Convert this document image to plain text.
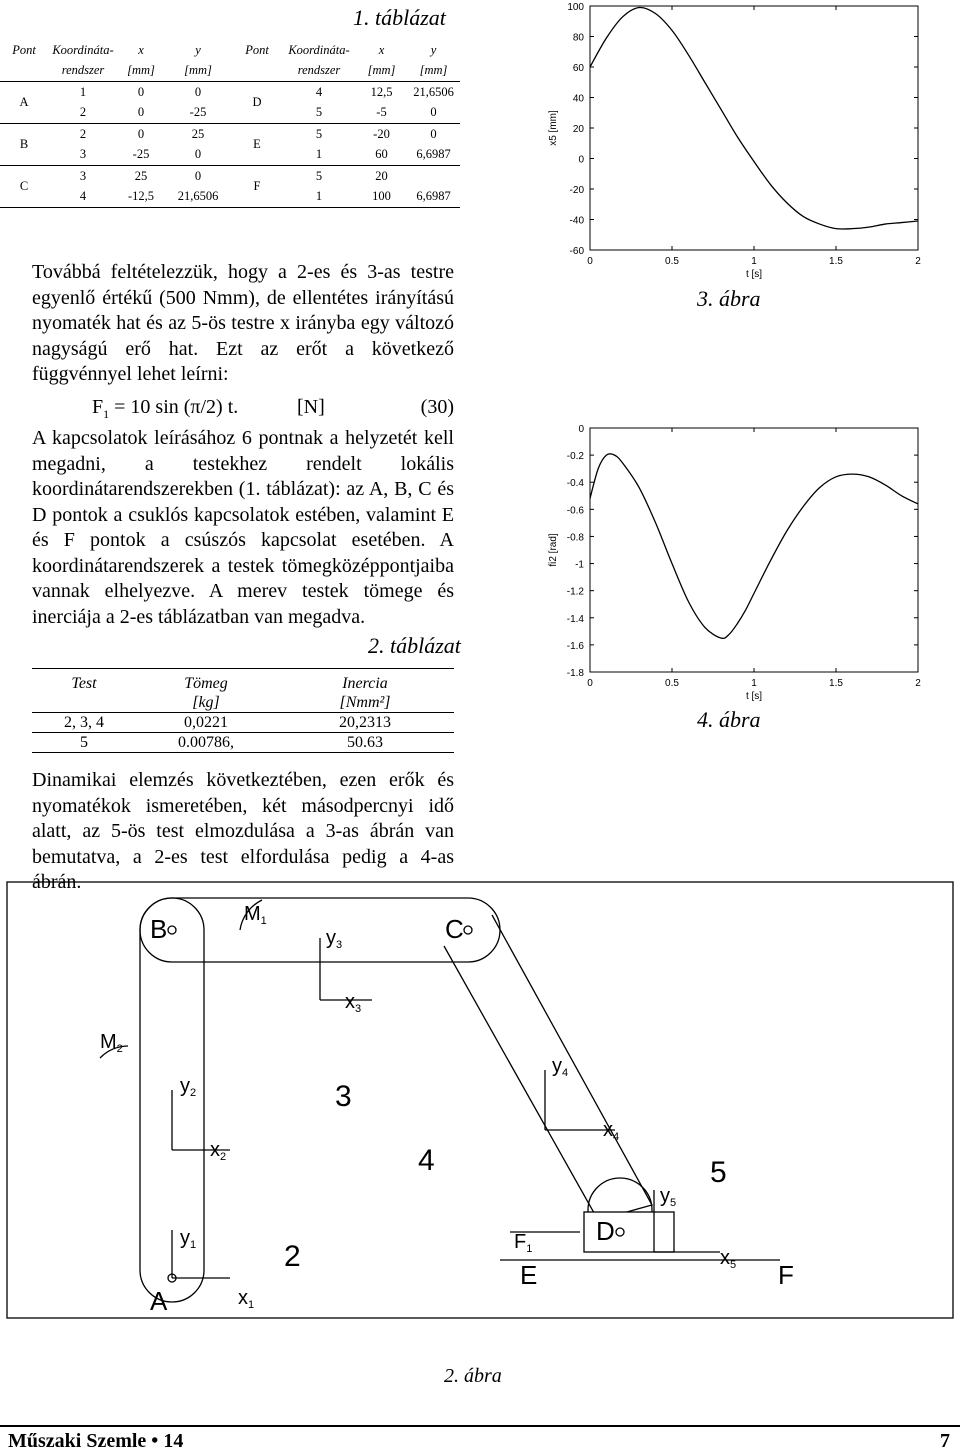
1. táblázat
Pont	Koordináta-	x	y	Pont	Koordináta-	x	y
	rendszer	[mm]	[mm]		rendszer	[mm]	[mm]
A	1	0	0	D	4	12,5	21,6506
	2	0	-25		5	-5	0
B	2	0	25	E	5	-20	0
	3	-25	0		1	60	6,6987
C	3	25	0	F	5	20	
	4	-12,5	21,6506		1	100	6,6987
Továbbá feltételezzük, hogy a 2-es és 3-as testre egyenlő értékű (500 Nmm), de ellentétes irányítású nyomaték hat és az 5-ös testre x irányba egy változó nagyságú erő hat. Ezt az erőt a következő függvénnyel lehet leírni:
$F_1 = 10$ sin (π/2) t.	[N]	(30)
A kapcsolatok leírásához 6 pontnak a helyzetét kell megadni, a testekhez rendelt lokális koordinátarendszerekben (1. táblázat): az A, B, C és D pontok a csuklós kapcsolatok estében, valamint E és F pontok a csúszós kapcsolat esetében. A koordinátarendszerek a testek tömegközéppontjaiba vannak elhelyezve. A merev testek tömege és inerciája a 2-es táblázatban van megadva.
2. táblázat
Test	Tömeg	Inercia
	[kg]	[Nmm²]
2, 3, 4	0,0221	20,2313
5	0.00786,	50.63
Dinamikai elemzés következtében, ezen erők és nyomatékok ismeretében, két másodpercnyi idő alatt, az 5-ös test elmozdulása a 3-as ábrán van bemutatva, a 2-es test elfordulása pedig a 4-as ábrán.
100
80
60
40
20
0
-20
-40
-60
0	0.5	1	1.5	2
t [s]
x5 [mm]
3. ábra
0
-0.2
-0.4
-0.6
-0.8
-1
-1.2
-1.4
-1.6
-1.8
0	0.5	1	1.5	2
t [s]
fi2 [rad]
4. ábra
$M_1$
$y_3$
$x_3$
B	C
$M_2$
$y_2$
$x_2$
3
$y_4$
$x_4$
4	5
$y_5$
$x_5$
$y_1$
$x_1$
2
A
$F_1$
D
E	F
2. ábra
Műszaki Szemle • 14	7
